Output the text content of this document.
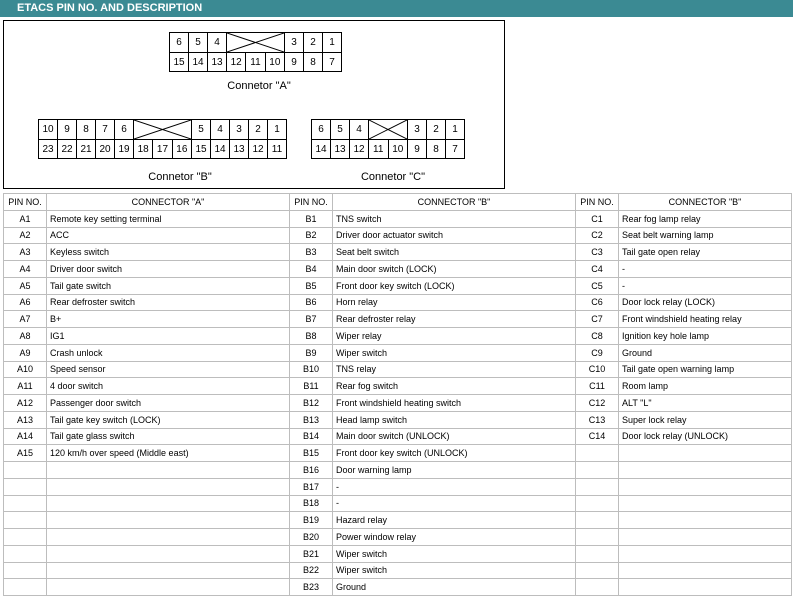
ETACS PIN NO. AND DESCRIPTION
6	5	4				3	2	1
15	14	13	12	11	10	9	8	7
Connetor "A"
10	9	8	7	6				5	4	3	2	1
23	22	21	20	19	18	17	16	15	14	13	12	11
Connetor "B"
6	5	4			3	2	1
14	13	12	11	10	9	8	7
Connetor "C"
PIN NO.	CONNECTOR "A"	PIN NO.	CONNECTOR "B"	PIN NO.	CONNECTOR "B"
A1	Remote key setting terminal	B1	TNS switch	C1	Rear fog lamp relay
A2	ACC	B2	Driver door actuator switch	C2	Seat belt warning lamp
A3	Keyless switch	B3	Seat belt switch	C3	Tail gate open relay
A4	Driver door switch	B4	Main door switch (LOCK)	C4	-
A5	Tail gate switch	B5	Front door key switch (LOCK)	C5	-
A6	Rear defroster switch	B6	Horn relay	C6	Door lock relay (LOCK)
A7	B+	B7	Rear defroster relay	C7	Front windshield heating relay
A8	IG1	B8	Wiper relay	C8	Ignition key hole lamp
A9	Crash unlock	B9	Wiper switch	C9	Ground
A10	Speed sensor	B10	TNS relay	C10	Tail gate open warning lamp
A11	4 door switch	B11	Rear fog switch	C11	Room lamp
A12	Passenger door switch	B12	Front windshield heating switch	C12	ALT "L"
A13	Tail gate key switch (LOCK)	B13	Head lamp switch	C13	Super lock relay
A14	Tail gate glass switch	B14	Main door switch (UNLOCK)	C14	Door lock relay (UNLOCK)
A15	120 km/h over speed (Middle east)	B15	Front door key switch (UNLOCK)		
		B16	Door warning lamp		
		B17	-		
		B18	-		
		B19	Hazard relay		
		B20	Power window relay		
		B21	Wiper switch		
		B22	Wiper switch		
		B23	Ground		
